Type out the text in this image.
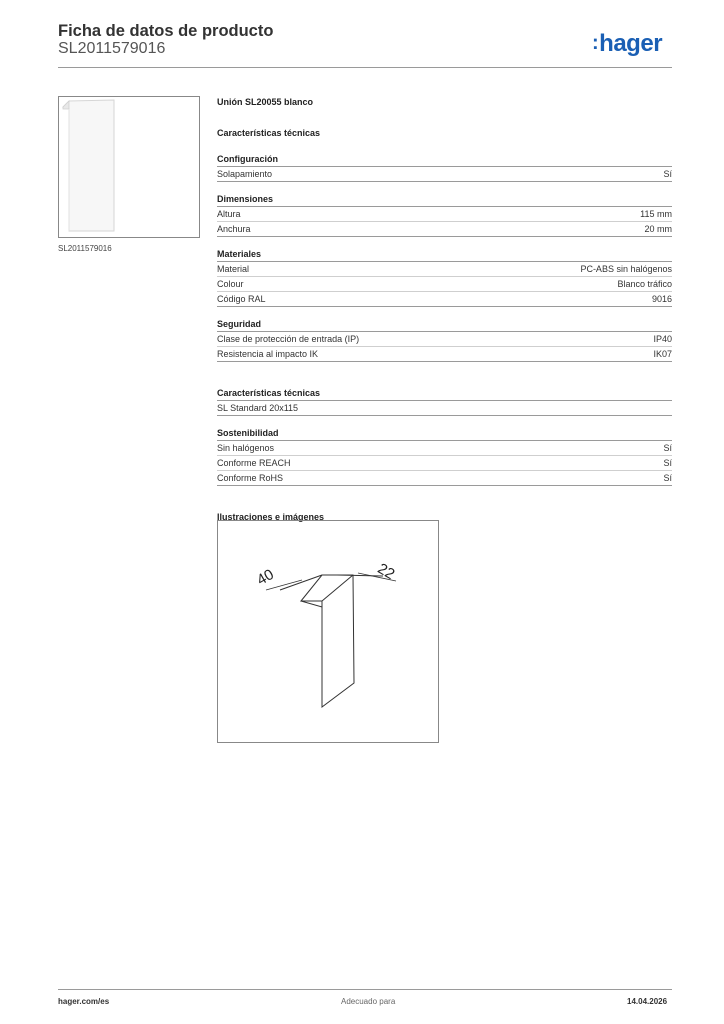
Ficha de datos de producto
SL2011579016	:hager
SL2011579016
Unión SL20055 blanco
Características técnicas
Configuración
Solapamiento	Sí
Dimensiones
Altura	115 mm
Anchura	20 mm
Materiales
Material	PC-ABS sin halógenos
Colour	Blanco tráfico
Código RAL	9016
Seguridad
Clase de protección de entrada (IP)	IP40
Resistencia al impacto IK	IK07
Características técnicas
SL Standard 20x115
Sostenibilidad
Sin halógenos	Sí
Conforme REACH	Sí
Conforme RoHS	Sí
Ilustraciones e imágenes
40	22
hager.com/es	Adecuado para	14.04.2026
